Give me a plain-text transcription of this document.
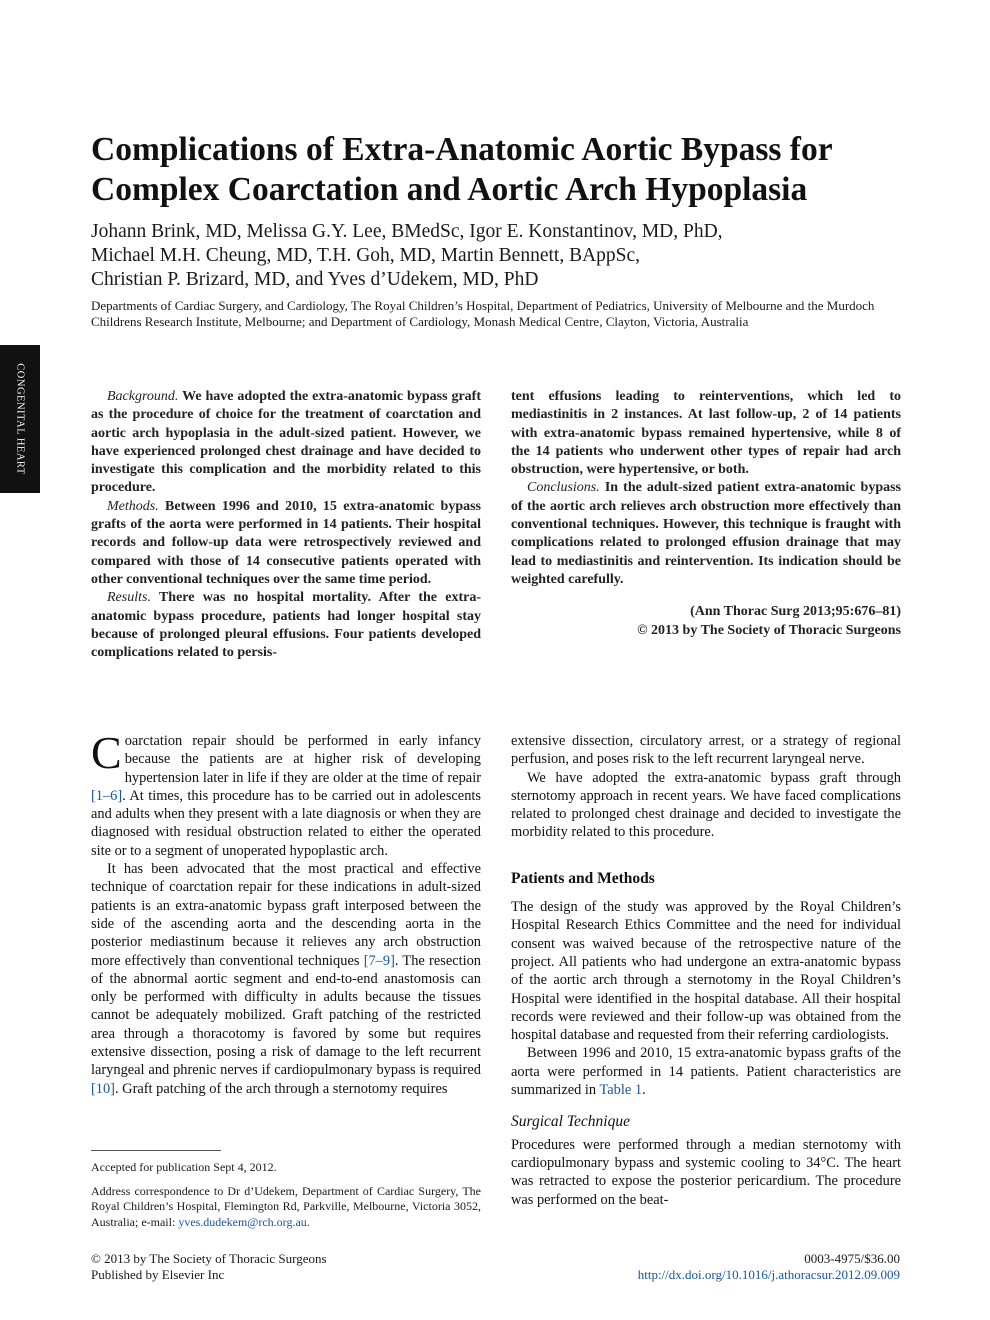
CONGENITAL HEART
Complications of Extra-Anatomic Aortic Bypass for Complex Coarctation and Aortic Arch Hypoplasia
Johann Brink, MD, Melissa G.Y. Lee, BMedSc, Igor E. Konstantinov, MD, PhD,
Michael M.H. Cheung, MD, T.H. Goh, MD, Martin Bennett, BAppSc,
Christian P. Brizard, MD, and Yves d’Udekem, MD, PhD
Departments of Cardiac Surgery, and Cardiology, The Royal Children’s Hospital, Department of Pediatrics, University of Melbourne and the Murdoch Childrens Research Institute, Melbourne; and Department of Cardiology, Monash Medical Centre, Clayton, Victoria, Australia

Background. We have adopted the extra-anatomic bypass graft as the procedure of choice for the treatment of coarctation and aortic arch hypoplasia in the adult-sized patient. However, we have experienced prolonged chest drainage and have decided to investigate this complication and the morbidity related to this procedure.

Methods. Between 1996 and 2010, 15 extra-anatomic bypass grafts of the aorta were performed in 14 patients. Their hospital records and follow-up data were retrospectively reviewed and compared with those of 14 consecutive patients operated with other conventional techniques over the same time period.

Results. There was no hospital mortality. After the extra-anatomic bypass procedure, patients had longer hospital stay because of prolonged pleural effusions. Four patients developed complications related to persis-

tent effusions leading to reinterventions, which led to mediastinitis in 2 instances. At last follow-up, 2 of 14 patients with extra-anatomic bypass remained hypertensive, while 8 of the 14 patients who underwent other types of repair had arch obstruction, were hypertensive, or both.

Conclusions. In the adult-sized patient extra-anatomic bypass of the aortic arch relieves arch obstruction more effectively than conventional techniques. However, this technique is fraught with complications related to prolonged effusion drainage that may lead to mediastinitis and reintervention. Its indication should be weighted carefully.

(Ann Thorac Surg 2013;95:676–81)
© 2013 by The Society of Thoracic Surgeons

Coarctation repair should be performed in early infancy because the patients are at higher risk of developing hypertension later in life if they are older at the time of repair [1–6]. At times, this procedure has to be carried out in adolescents and adults when they present with a late diagnosis or when they are diagnosed with residual obstruction related to either the operated site or to a segment of unoperated hypoplastic arch.

It has been advocated that the most practical and effective technique of coarctation repair for these indications in adult-sized patients is an extra-anatomic bypass graft interposed between the side of the ascending aorta and the descending aorta in the posterior mediastinum because it relieves any arch obstruction more effectively than conventional techniques [7–9]. The resection of the abnormal aortic segment and end-to-end anastomosis can only be performed with difficulty in adults because the tissues cannot be adequately mobilized. Graft patching of the restricted area through a thoracotomy is favored by some but requires extensive dissection, posing a risk of damage to the left recurrent laryngeal and phrenic nerves if cardiopulmonary bypass is required [10]. Graft patching of the arch through a sternotomy requires

extensive dissection, circulatory arrest, or a strategy of regional perfusion, and poses risk to the left recurrent laryngeal nerve.

We have adopted the extra-anatomic bypass graft through sternotomy approach in recent years. We have faced complications related to prolonged chest drainage and decided to investigate the morbidity related to this procedure.

Patients and Methods

The design of the study was approved by the Royal Children’s Hospital Research Ethics Committee and the need for individual consent was waived because of the retrospective nature of the project. All patients who had undergone an extra-anatomic bypass of the aortic arch through a sternotomy in the Royal Children’s Hospital were identified in the hospital database. All their hospital records were reviewed and their follow-up was obtained from the hospital database and requested from their referring cardiologists.

Between 1996 and 2010, 15 extra-anatomic bypass grafts of the aorta were performed in 14 patients. Patient characteristics are summarized in Table 1.

Surgical Technique

Procedures were performed through a median sternotomy with cardiopulmonary bypass and systemic cooling to 34°C. The heart was retracted to expose the posterior pericardium. The procedure was performed on the beat-

Accepted for publication Sept 4, 2012.

Address correspondence to Dr d’Udekem, Department of Cardiac Surgery, The Royal Children’s Hospital, Flemington Rd, Parkville, Melbourne, Victoria 3052, Australia; e-mail: yves.dudekem@rch.org.au.

© 2013 by The Society of Thoracic Surgeons
Published by Elsevier Inc
0003-4975/$36.00
http://dx.doi.org/10.1016/j.athoracsur.2012.09.009
